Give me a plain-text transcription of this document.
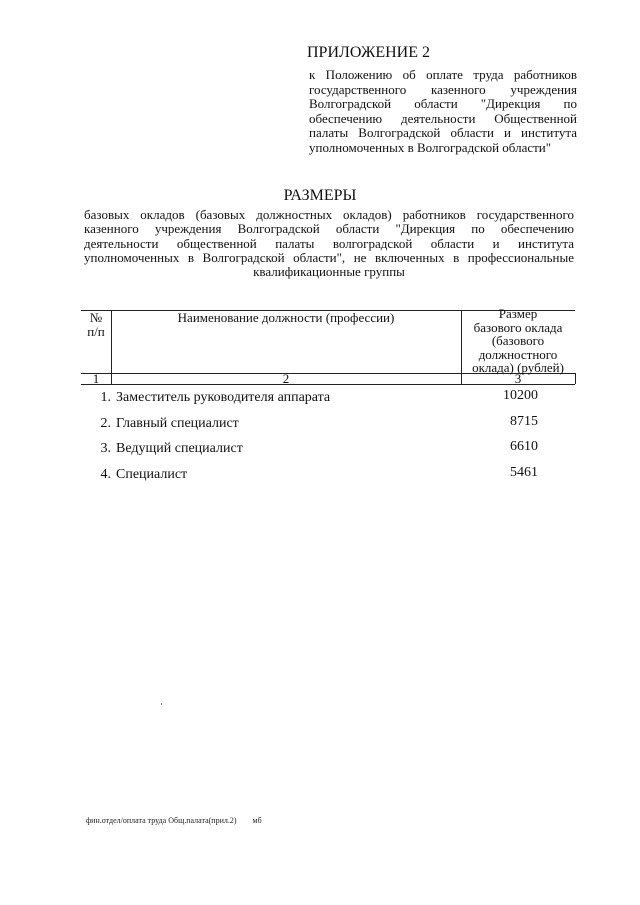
ПРИЛОЖЕНИЕ 2
к Положению об оплате труда работников
государственного казенного учреждения
Волгоградской области "Дирекция по
обеспечению деятельности Общественной
палаты Волгоградской области и института
уполномоченных в Волгоградской области"
РАЗМЕРЫ
базовых окладов (базовых должностных окладов) работников государственного
казенного учреждения Волгоградской области "Дирекция по обеспечению
деятельности общественной палаты волгоградской области и института
уполномоченных в Волгоградской области", не включенных в профессиональные
квалификационные группы
№
п/п
Наименование должности (профессии)	Размер
базового оклада
(базового
должностного
оклада) (рублей)
1	2	3
1. Заместитель руководителя аппарата	10200
2. Главный специалист	8715
3. Ведущий специалист	6610
4. Специалист	5461
фин.отдел/оплата труда Общ.палата(прил.2) мб
